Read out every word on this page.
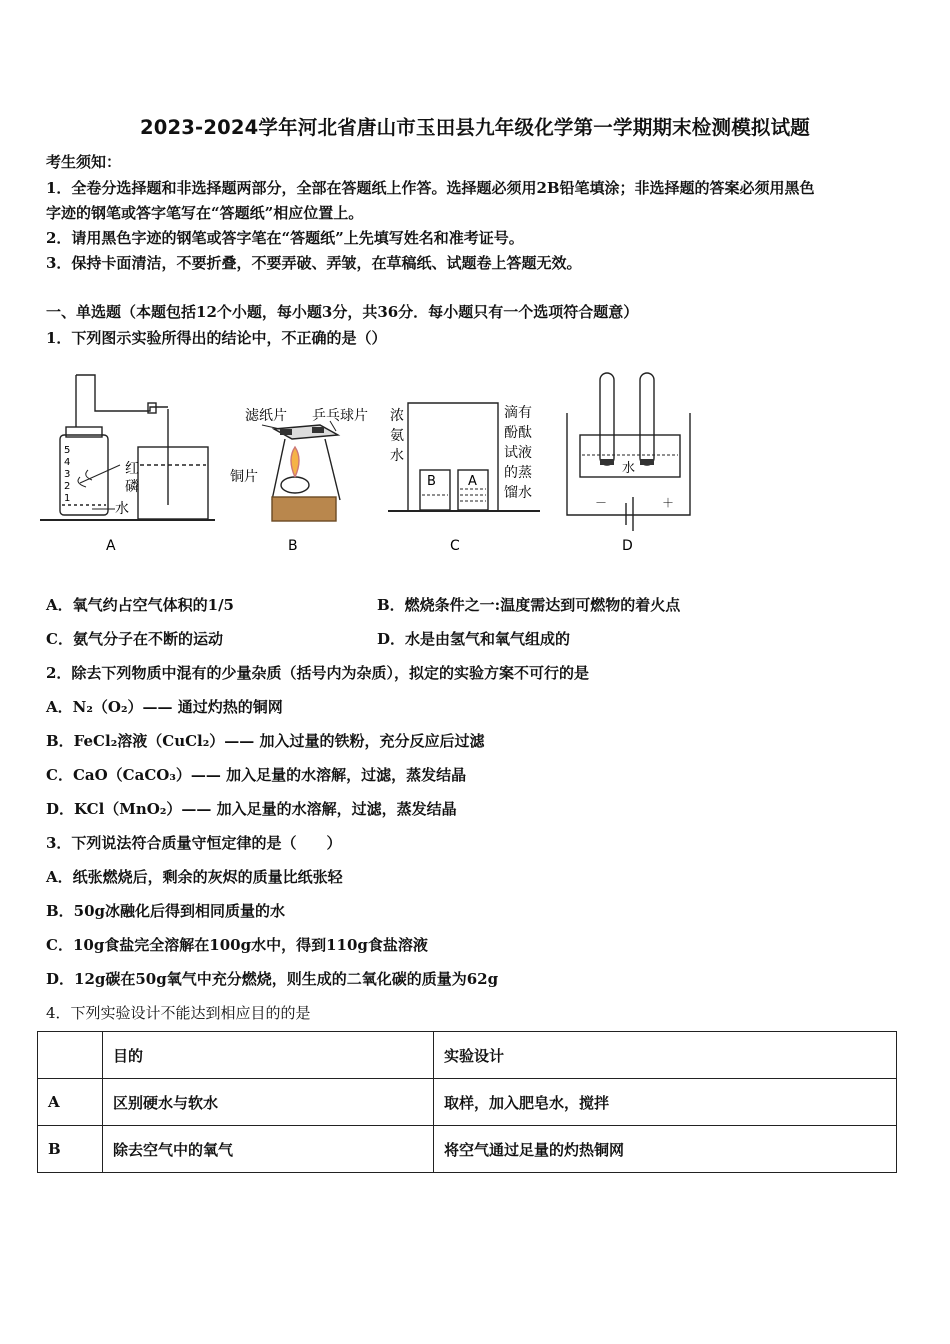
2023-2024学年河北省唐山市玉田县九年级化学第一学期期末检测模拟试题
考生须知：
1．全卷分选择题和非选择题两部分，全部在答题纸上作答。选择题必须用2B铅笔填涂；非选择题的答案必须用黑色
字迹的钢笔或答字笔写在“答题纸”相应位置上。
2．请用黑色字迹的钢笔或答字笔在“答题纸”上先填写姓名和准考证号。
3．保持卡面清洁，不要折叠，不要弄破、弄皱，在草稿纸、试题卷上答题无效。
一、单选题（本题包括12个小题，每小题3分，共36分．每小题只有一个选项符合题意）
1．下列图示实验所得出的结论中，不正确的是（）
5
4
3
2
1
红
磷
水
A
滤纸片 乒乓球片
铜片
B
浓
氨
水
滴有
酚酞
试液
的蒸
馏水
B A
C
水
－	＋
D
A．氧气约占空气体积的1/5	B．燃烧条件之一:温度需达到可燃物的着火点
C．氨气分子在不断的运动	D．水是由氢气和氧气组成的
2．除去下列物质中混有的少量杂质（括号内为杂质），拟定的实验方案不可行的是
A．N₂（O₂）—— 通过灼热的铜网
B．FeCl₂溶液（CuCl₂）—— 加入过量的铁粉，充分反应后过滤
C．CaO（CaCO₃）—— 加入足量的水溶解，过滤，蒸发结晶
D．KCl（MnO₂）—— 加入足量的水溶解，过滤，蒸发结晶
3．下列说法符合质量守恒定律的是（　　）
A．纸张燃烧后，剩余的灰烬的质量比纸张轻
B．50g冰融化后得到相同质量的水
C．10g食盐完全溶解在100g水中，得到110g食盐溶液
D．12g碳在50g氧气中充分燃烧，则生成的二氧化碳的质量为62g
4．下列实验设计不能达到相应目的的是
	目的	实验设计
A	区别硬水与软水	取样，加入肥皂水，搅拌
B	除去空气中的氧气	将空气通过足量的灼热铜网
